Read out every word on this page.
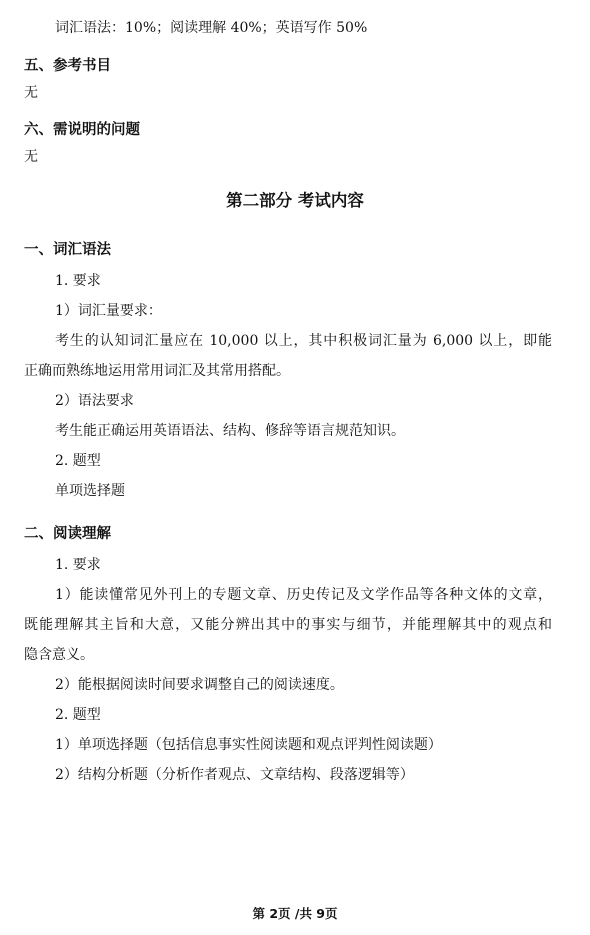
词汇语法：10%；阅读理解 40%；英语写作 50%
五、参考书目
无
六、需说明的问题
无
第二部分 考试内容
一、词汇语法
1. 要求
1）词汇量要求：
考生的认知词汇量应在 10,000 以上，其中积极词汇量为 6,000 以上，即能
正确而熟练地运用常用词汇及其常用搭配。
2）语法要求
考生能正确运用英语语法、结构、修辞等语言规范知识。
2. 题型
单项选择题
二、阅读理解
1. 要求
1）能读懂常见外刊上的专题文章、历史传记及文学作品等各种文体的文章，
既能理解其主旨和大意，又能分辨出其中的事实与细节，并能理解其中的观点和
隐含意义。
2）能根据阅读时间要求调整自己的阅读速度。
2. 题型
1）单项选择题（包括信息事实性阅读题和观点评判性阅读题）
2）结构分析题（分析作者观点、文章结构、段落逻辑等）
第 2页 /共 9页
